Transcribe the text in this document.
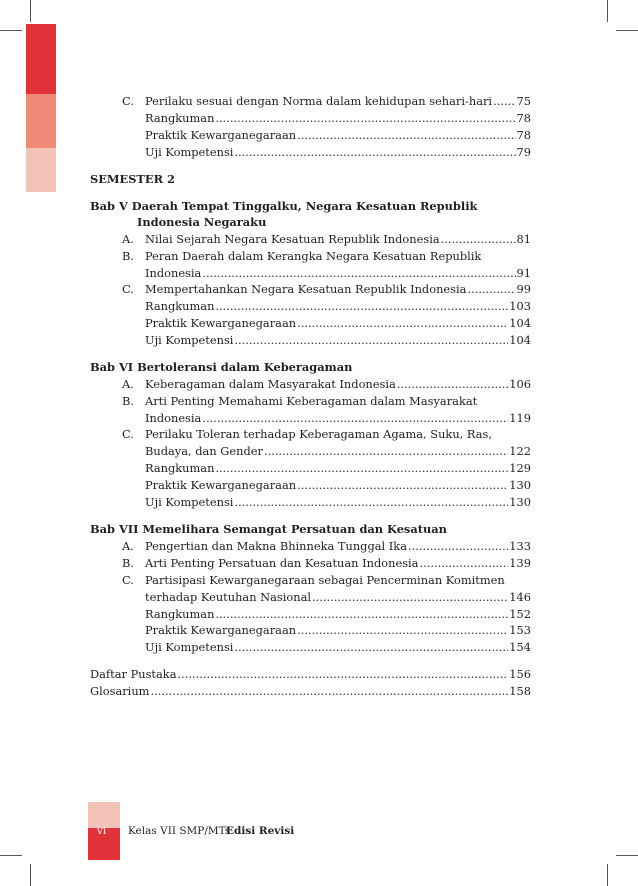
C. Perilaku sesuai dengan Norma dalam kehidupan sehari-hari ..... 75
Rangkuman .....	78
Praktik Kewarganegaraan .....	78
Uji Kompetensi .....	79
SEMESTER 2
Bab V Daerah Tempat Tinggalku, Negara Kesatuan Republik
Indonesia Negaraku
A. Nilai Sejarah Negara Kesatuan Republik Indonesia .....	81
B. Peran Daerah dalam Kerangka Negara Kesatuan Republik
Indonesia .....	91
C. Mempertahankan Negara Kesatuan Republik Indonesia .....	99
Rangkuman .....	103
Praktik Kewarganegaraan .....	104
Uji Kompetensi .....	104
Bab VI Bertoleransi dalam Keberagaman
A. Keberagaman dalam Masyarakat Indonesia .....	106
B. Arti Penting Memahami Keberagaman dalam Masyarakat
Indonesia .....	119
C. Perilaku Toleran terhadap Keberagaman Agama, Suku, Ras,
Budaya, dan Gender .....	122
Rangkuman .....	129
Praktik Kewarganegaraan .....	130
Uji Kompetensi .....	130
Bab VII Memelihara Semangat Persatuan dan Kesatuan
A. Pengertian dan Makna Bhinneka Tunggal Ika .....	133
B. Arti Penting Persatuan dan Kesatuan Indonesia .....	139
C. Partisipasi Kewarganegaraan sebagai Pencerminan Komitmen
terhadap Keutuhan Nasional .....	146
Rangkuman .....	152
Praktik Kewarganegaraan .....	153
Uji Kompetensi .....	154
Daftar Pustaka .....	156
Glosarium .....	158
vi Kelas VII SMP/MTs
Edisi Revisi
